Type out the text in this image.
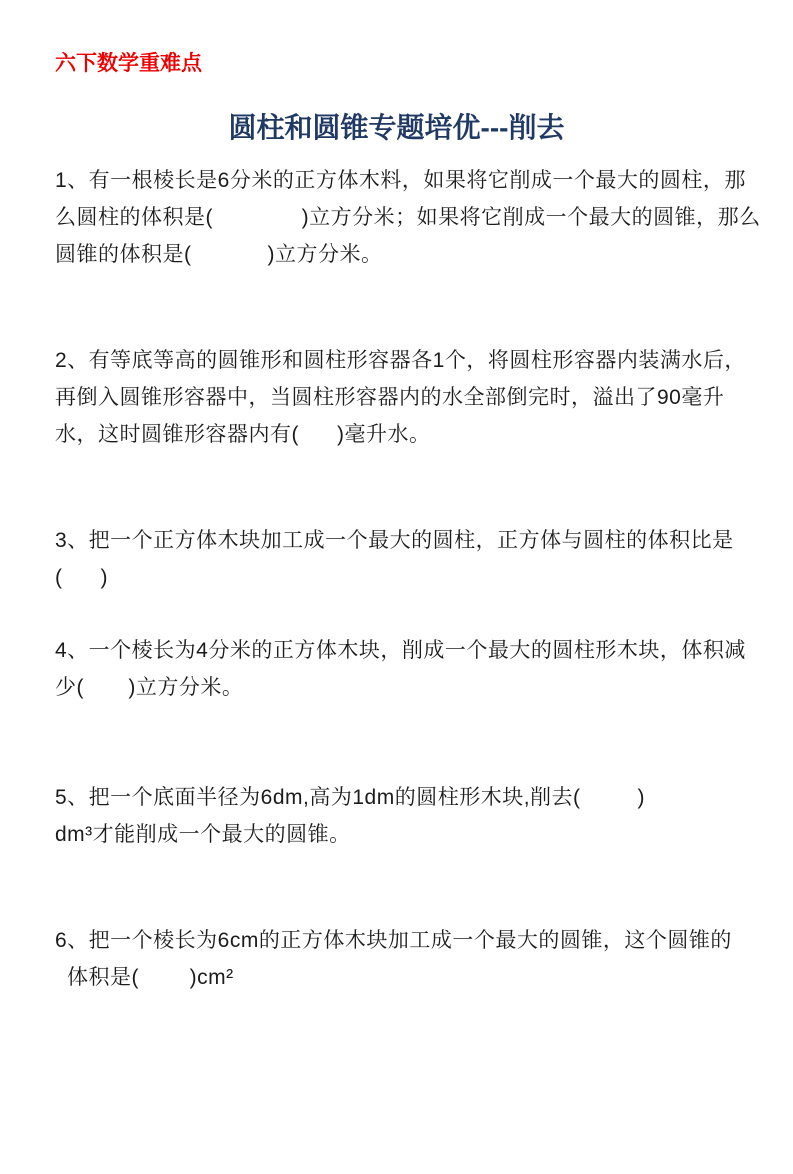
六下数学重难点
圆柱和圆锥专题培优---削去
1、有一根棱长是6分米的正方体木料，如果将它削成一个最大的圆柱，那
么圆柱的体积是(              )立方分米；如果将它削成一个最大的圆锥，那么
圆锥的体积是(            )立方分米。
2、有等底等高的圆锥形和圆柱形容器各1个，将圆柱形容器内装满水后，
再倒入圆锥形容器中，当圆柱形容器内的水全部倒完时，溢出了90毫升
水，这时圆锥形容器内有(      )毫升水。
3、把一个正方体木块加工成一个最大的圆柱，正方体与圆柱的体积比是
(      )
4、一个棱长为4分米的正方体木块，削成一个最大的圆柱形木块，体积减
少(       )立方分米。
5、把一个底面半径为6dm,高为1dm的圆柱形木块,削去(         )
dm³才能削成一个最大的圆锥。
6、把一个棱长为6cm的正方体木块加工成一个最大的圆锥，这个圆锥的
体积是(        )cm²
